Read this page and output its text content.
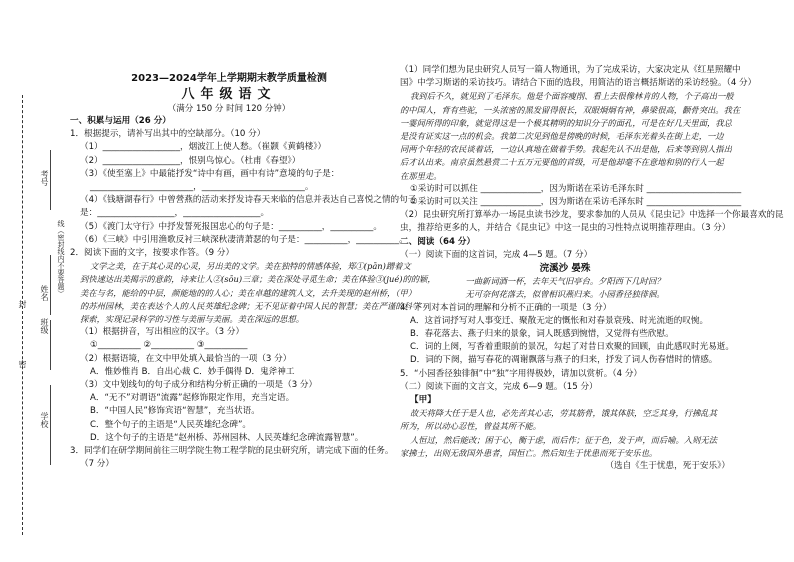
考号
线（密封线内不要答题）
姓名
封
班级
密
学校
2023—2024学年上学期期末教学质量检测
八年级语文
（满分 150 分 时间 120 分钟）

一、积累与运用（26 分）

1．根据提示，请补写出其中的空缺部分。（10 分）

（1）__________________，烟波江上使人愁。（崔颢《黄鹤楼》）

（2）__________________，恨别鸟惊心。（杜甫《春望》）

（3）《使至塞上》中最能抒发“诗中有画，画中有诗”意境的句子是：

________________________，________________________。

（4）《钱塘湖春行》中曾營燕的活动来抒发诗春天来临的信息并表达自己喜悦之情的句子

是：__________________，__________________。

（5）《渡门太守行》中抒发誓死报国忠心的句子是：__________，__________。

（6）《三峡》中引用渔歌反衬三峡深秋凄清萧瑟的句子是：__________，__________。

2．阅读下面的文字，按要求作答。（9 分）

文学之美，在于其心灵的心灵，另出美的文学。美在独特的情感体验，郑①(pān)蹭着文

到快速达出美揭示的意韵，诗来让人②(sōu)三章；美在深处寻觅生命；美在体验③(jué)的的颖，

美在与名，能给的中层，颜能地的的人心；美在卓越的建筑人文，去升美现的赵州桥，（甲）

的苏州园林，美在表达个人的人民英雄纪念碑；无不见证着中国人民的智慧；美在严谨的科学

探索，实现记录科学的习性与美丽与美丽。美在深远的思想。

（1）根据拼音，写出相应的汉字。（3 分）

①__________ ②__________ ③__________

（2）根据语境，在文中甲处填入最恰当的一项（3 分）

A．惟妙惟肖 B．自出心裁 C．妙手偶得 D．鬼斧神工

（3）文中划线句的句子成分和结构分析正确的一项是（3 分）

A．“无不”对谓语“流露”起修饰限定作用，充当定语。

B．“中国人民”修饰宾语“智慧”，充当状语。

C．整个句子的主语是“人民英雄纪念碑”。

D．这个句子的主语是“赵州桥、苏州园林、人民英雄纪念碑流露智慧”。

3．同学们在研学期间前往三明学院生物工程学院的昆虫研究所，请完成下面的任务。

（7 分）

（1）同学们想为昆虫研究人员写一篇人物通讯，为了完成采访，大家决定从《红星照耀中

国》中学习斯诺的采访技巧。请结合下面的选段，用简洁的语言概括斯诺的采访经验。（4 分）

我到后不久，就见到了毛泽东。他是个面容瘦削、看上去很像林肯的人物，个子高出一般

的中国人，背有些驼，一头浓密的黑发留得很长，双眼炯炯有神，鼻梁很高，颧骨突出。我在

一霎间所得的印象，就觉得这是一个极其精明的知识分子的面孔，可是在好几天里面，我总

是没有证实这一点的机会。我第二次见到他是傍晚的时候，毛泽东光着头在街上走，一边

同两个年轻的农民谈着话，一边认真地在做着手势。我起先认不出是他，后来等到别人指出

后才认出来。南京虽然悬赏二十五万元要他的首级，可是他却毫不在意地和别的行人一起

在那里走。

①采访时可以抓住 ______________，因为斯诺在采访毛泽东时 ______________________

②采访时可以关注 ______________，因为斯诺在采访毛泽东时 ______________________

（2）昆虫研究所打算举办一场昆虫读书沙龙，要求参加的人员从《昆虫记》中选择一个你最喜欢的昆

虫，推荐给更多的人，并结合《昆虫记》中这一昆虫的习性特点说明推荐理由。（3 分）

二、阅读（64 分）

（一）阅读下面的这首词，完成 4—5 题。（7 分）

浣溪沙 晏殊

一曲新词酒一杯，去年天气旧亭台。夕阳西下几时回？

无可奈何花落去，似曾相识燕归来。小园香径独徘徊。

4．下列对本首词的理解和分析不正确的一项是（3 分）

A．这首词抒写对人事变迁、聚散无定的慨怅和对春景衰残、时光流逝的叹惋。

B．春花落去、燕子归来的景象，词人既感到惋惜，又觉得有些欣慰。

C．词的上阕，写香着重眼前的景况，勾起了对昔日欢聚的回顾，由此感叹时光易逝。

D．词的下阕，描写春花的凋谢飘落与燕子的归来，抒发了词人伤春惜时的情感。

5．“小园香径独徘徊”中“独”字用得极妙，请加以赏析。（4 分）

（二）阅读下面的文言文，完成 6—9 题。（15 分）

【甲】

故天将降大任于是人也，必先苦其心志，劳其筋骨，饿其体肤，空乏其身，行拂乱其

所为，所以动心忍性，曾益其所不能。

人恒过，然后能改；困于心，衡于虑，而后作；征于色，发于声，而后喻。入则无法

家拂士，出则无敌国外患者，国恒亡。然后知生于忧患而死于安乐也。

（选自《生于忧患，死于安乐》）
